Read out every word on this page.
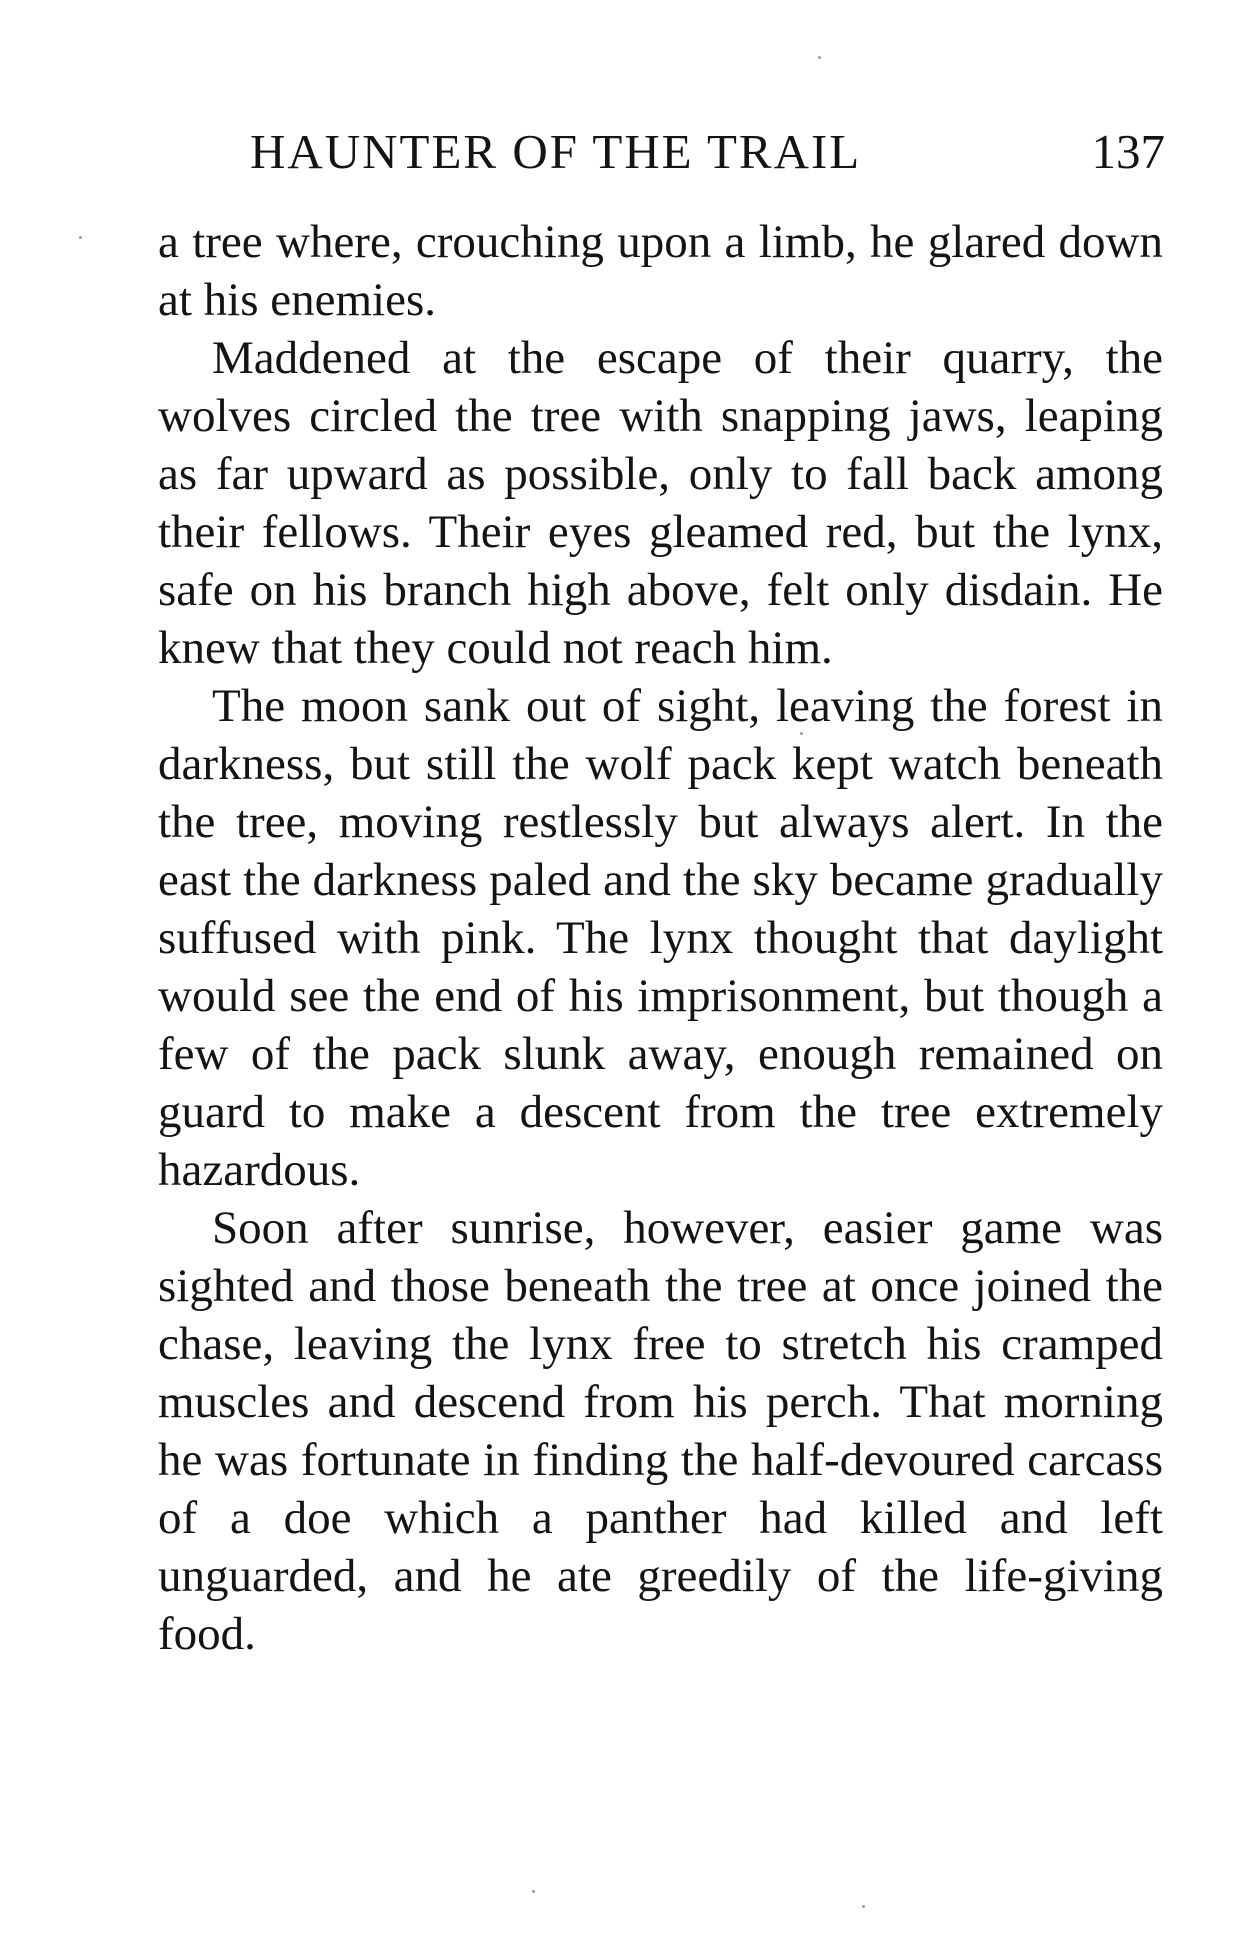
HAUNTER OF THE TRAIL	137

a tree where, crouching upon a limb, he glared down at his enemies.

Maddened at the escape of their quarry, the wolves circled the tree with snapping jaws, leaping as far upward as possible, only to fall back among their fellows. Their eyes gleamed red, but the lynx, safe on his branch high above, felt only disdain. He knew that they could not reach him.

The moon sank out of sight, leaving the forest in darkness, but still the wolf pack kept watch beneath the tree, moving restlessly but always alert. In the east the darkness paled and the sky became gradually suffused with pink. The lynx thought that daylight would see the end of his imprisonment, but though a few of the pack slunk away, enough remained on guard to make a descent from the tree extremely hazardous.

Soon after sunrise, however, easier game was sighted and those beneath the tree at once joined the chase, leaving the lynx free to stretch his cramped muscles and descend from his perch. That morning he was fortunate in finding the half-devoured carcass of a doe which a panther had killed and left unguarded, and he ate greedily of the life-giving food.
